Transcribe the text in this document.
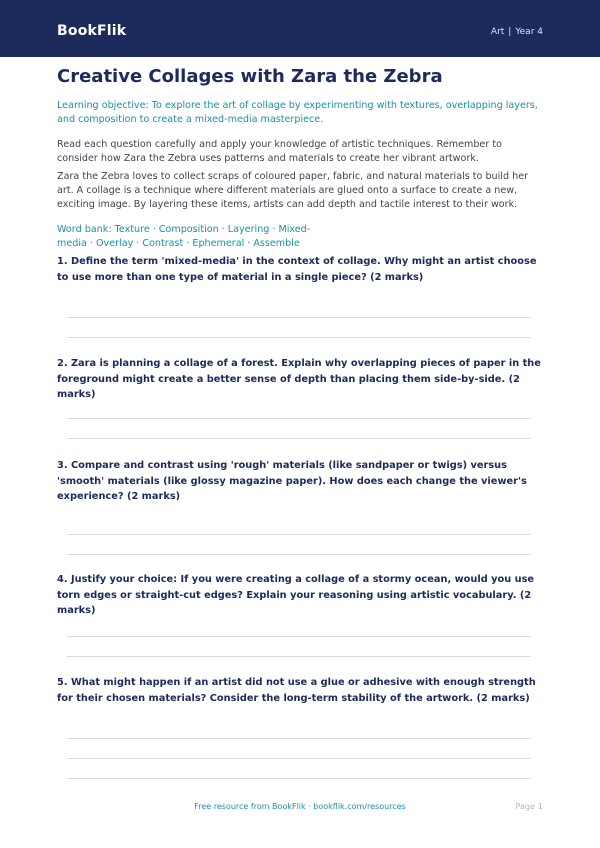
BookFlik	Art | Year 4
Creative Collages with Zara the Zebra
Learning objective: To explore the art of collage by experimenting with textures, overlapping layers, and composition to create a mixed-media masterpiece.
Read each question carefully and apply your knowledge of artistic techniques. Remember to consider how Zara the Zebra uses patterns and materials to create her vibrant artwork.
Zara the Zebra loves to collect scraps of coloured paper, fabric, and natural materials to build her art. A collage is a technique where different materials are glued onto a surface to create a new, exciting image. By layering these items, artists can add depth and tactile interest to their work.
Word bank: Texture · Composition · Layering · Mixed-media · Overlay · Contrast · Ephemeral · Assemble
1. Define the term 'mixed-media' in the context of collage. Why might an artist choose to use more than one type of material in a single piece? (2 marks)
2. Zara is planning a collage of a forest. Explain why overlapping pieces of paper in the foreground might create a better sense of depth than placing them side-by-side. (2 marks)
3. Compare and contrast using 'rough' materials (like sandpaper or twigs) versus 'smooth' materials (like glossy magazine paper). How does each change the viewer's experience? (2 marks)
4. Justify your choice: If you were creating a collage of a stormy ocean, would you use torn edges or straight-cut edges? Explain your reasoning using artistic vocabulary. (2 marks)
5. What might happen if an artist did not use a glue or adhesive with enough strength for their chosen materials? Consider the long-term stability of the artwork. (2 marks)
Free resource from BookFlik · bookflik.com/resources	Page 1
